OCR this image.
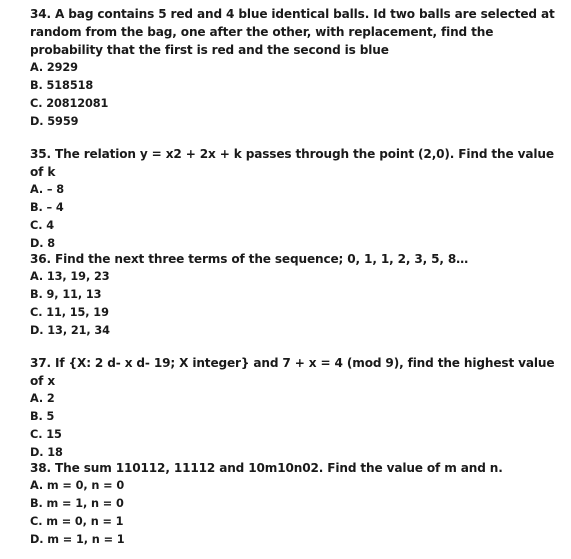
34. A bag contains 5 red and 4 blue identical balls. Id two balls are selected at random from the bag, one after the other, with replacement, find the probability that the first is red and the second is blue

A. 2929
B. 518518
C. 20812081
D. 5959

35. The relation y = x2 + 2x + k passes through the point (2,0). Find the value of k

A. – 8
B. – 4
C. 4
D. 8

36. Find the next three terms of the sequence; 0, 1, 1, 2, 3, 5, 8…

A. 13, 19, 23
B. 9, 11, 13
C. 11, 15, 19
D. 13, 21, 34

37. If {X: 2 d- x d- 19; X integer} and 7 + x = 4 (mod 9), find the highest value of x

A. 2
B. 5
C. 15
D. 18

38. The sum 110112, 11112 and 10m10n02. Find the value of m and n.

A. m = 0, n = 0
B. m = 1, n = 0
C. m = 0, n = 1
D. m = 1, n = 1
